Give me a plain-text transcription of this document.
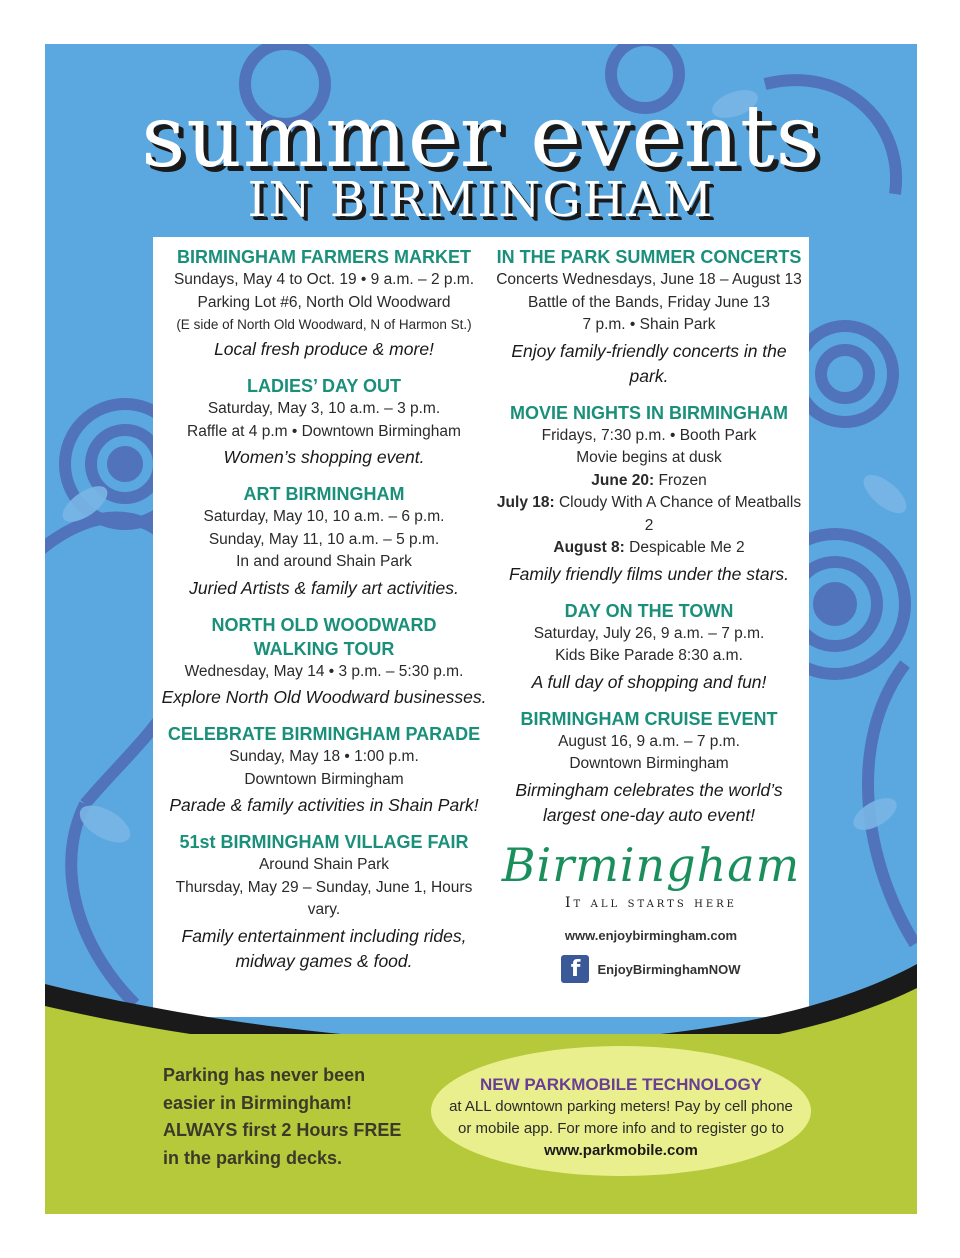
summer events
IN BIRMINGHAM
BIRMINGHAM FARMERS MARKET
Sundays, May 4 to Oct. 19 • 9 a.m. – 2 p.m.
Parking Lot #6, North Old Woodward
(E side of North Old Woodward, N of Harmon St.)
Local fresh produce & more!
LADIES’ DAY OUT
Saturday, May 3, 10 a.m. – 3 p.m.
Raffle at 4 p.m • Downtown Birmingham
Women’s shopping event.
ART BIRMINGHAM
Saturday, May 10, 10 a.m. – 6 p.m.
Sunday, May 11, 10 a.m. – 5 p.m.
In and around Shain Park
Juried Artists & family art activities.
NORTH OLD WOODWARD
WALKING TOUR
Wednesday, May 14 • 3 p.m. – 5:30 p.m.
Explore North Old Woodward businesses.
CELEBRATE BIRMINGHAM PARADE
Sunday, May 18 • 1:00 p.m.
Downtown Birmingham
Parade & family activities in Shain Park!
51st BIRMINGHAM VILLAGE FAIR
Around Shain Park
Thursday, May 29 – Sunday, June 1, Hours vary.
Family entertainment including rides,
midway games & food.
IN THE PARK SUMMER CONCERTS
Concerts Wednesdays, June 18 – August 13
Battle of the Bands, Friday June 13
7 p.m. • Shain Park
Enjoy family-friendly concerts in the park.
MOVIE NIGHTS IN BIRMINGHAM
Fridays, 7:30 p.m. • Booth Park
Movie begins at dusk
June 20: Frozen
July 18: Cloudy With A Chance of Meatballs 2
August 8: Despicable Me 2
Family friendly films under the stars.
DAY ON THE TOWN
Saturday, July 26, 9 a.m. – 7 p.m.
Kids Bike Parade 8:30 a.m.
A full day of shopping and fun!
BIRMINGHAM CRUISE EVENT
August 16, 9 a.m. – 7 p.m.
Downtown Birmingham
Birmingham celebrates the world’s
largest one-day auto event!
Birmingham
It all starts here
www.enjoybirmingham.com
f	EnjoyBirminghamNOW
Parking has never been
easier in Birmingham!
ALWAYS first 2 Hours FREE
in the parking decks.
NEW PARKMOBILE TECHNOLOGY
at ALL downtown parking meters! Pay by cell phone
or mobile app. For more info and to register go to
www.parkmobile.com
